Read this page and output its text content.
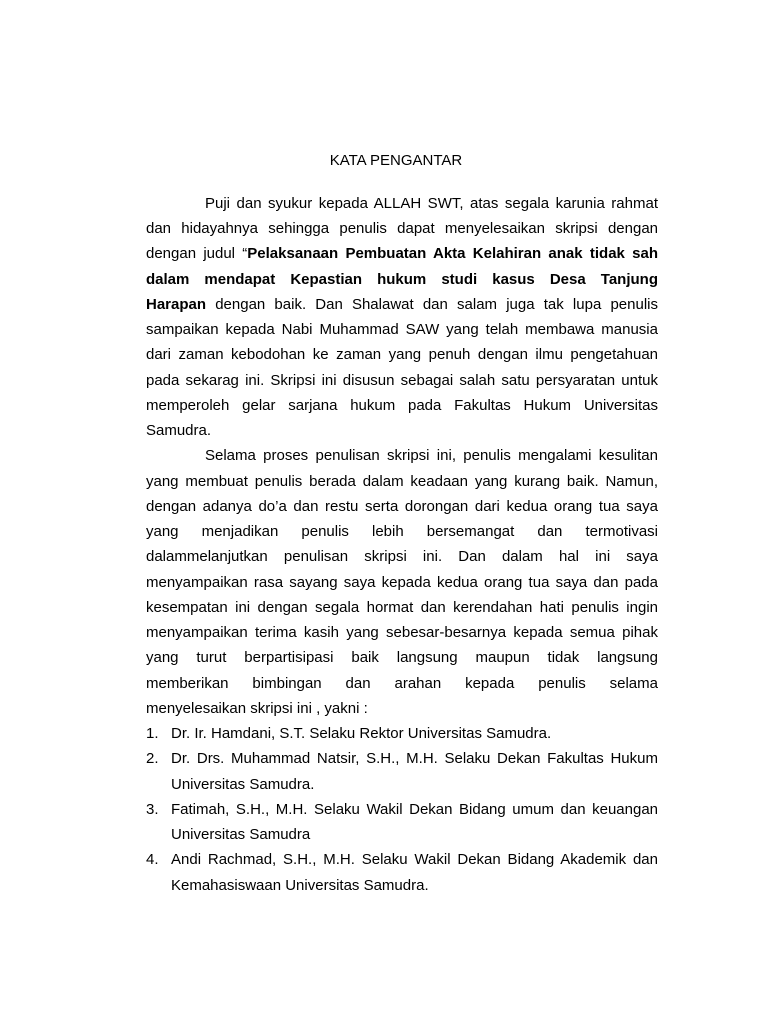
KATA PENGANTAR
Puji dan syukur kepada ALLAH SWT, atas segala karunia rahmat
dan hidayahnya sehingga penulis dapat menyelesaikan skripsi dengan
dengan judul “Pelaksanaan Pembuatan Akta Kelahiran anak tidak sah
dalam mendapat Kepastian hukum studi kasus Desa Tanjung
Harapan dengan baik. Dan Shalawat dan salam juga tak lupa penulis
sampaikan kepada Nabi Muhammad SAW yang telah membawa manusia
dari zaman kebodohan ke zaman yang penuh dengan ilmu pengetahuan
pada sekarag ini. Skripsi ini disusun sebagai salah satu persyaratan untuk
memperoleh gelar sarjana hukum pada Fakultas Hukum Universitas
Samudra.
Selama proses penulisan skripsi ini, penulis mengalami kesulitan
yang membuat penulis berada dalam keadaan yang kurang baik. Namun,
dengan adanya do’a dan restu serta dorongan dari kedua orang tua saya
yang menjadikan penulis lebih bersemangat dan termotivasi
dalammelanjutkan penulisan skripsi ini. Dan dalam hal ini saya
menyampaikan rasa sayang saya kepada kedua orang tua saya dan pada
kesempatan ini dengan segala hormat dan kerendahan hati penulis ingin
menyampaikan terima kasih yang sebesar-besarnya kepada semua pihak
yang turut berpartisipasi baik langsung maupun tidak langsung
memberikan bimbingan dan arahan kepada penulis selama
menyelesaikan skripsi ini , yakni :
1. Dr. Ir. Hamdani, S.T. Selaku Rektor Universitas Samudra.
2. Dr. Drs. Muhammad Natsir, S.H., M.H. Selaku Dekan Fakultas Hukum
Universitas Samudra.
3. Fatimah, S.H., M.H. Selaku Wakil Dekan Bidang umum dan keuangan
Universitas Samudra
4. Andi Rachmad, S.H., M.H. Selaku Wakil Dekan Bidang Akademik dan
Kemahasiswaan Universitas Samudra.
